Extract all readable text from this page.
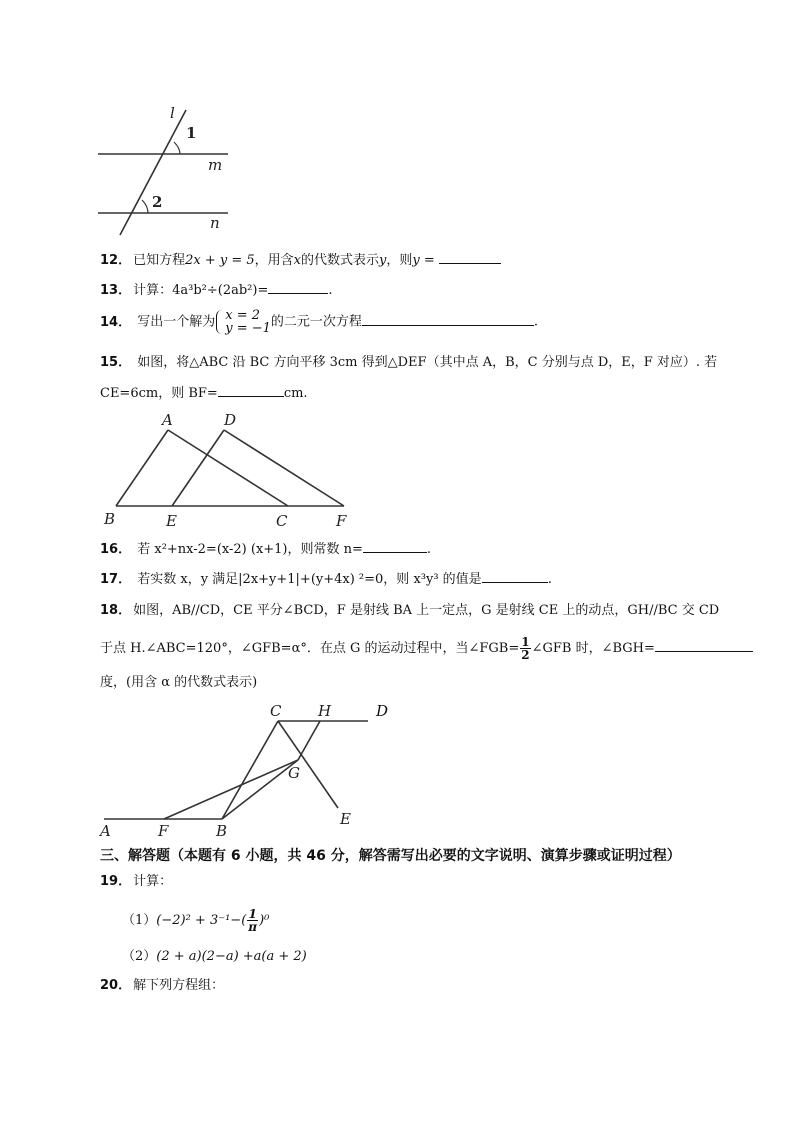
l
1
m
2
n
12． 已知方程2x + y = 5，用含x的代数式表示y，则y =
13． 计算：4a³b²÷(2ab²)=	.
14． 写出一个解为 x = 2
y = −1 的二元一次方程	.
15． 如图，将△ABC 沿 BC 方向平移 3cm 得到△DEF（其中点 A，B，C 分别与点 D，E，F 对应）. 若
CE=6cm，则 BF=	cm.
A	D
B	E	C	F
16． 若 x²+nx-2=(x-2) (x+1)，则常数 n=	.
17． 若实数 x，y 满足|2x+y+1|+(y+4x) ²=0，则 x³y³ 的值是	.
18． 如图，AB//CD，CE 平分∠BCD，F 是射线 BA 上一定点，G 是射线 CE 上的动点，GH//BC 交 CD
于点 H.∠ABC=120°，∠GFB=α°．在点 G 的运动过程中，当∠FGB= $\frac{1}{2}$ ∠GFB 时，∠BGH=
度，(用含 α 的代数式表示)
A	F	B
C H
G
E
D
三、解答题（本题有 6 小题，共 46 分，解答需写出必要的文字说明、演算步骤或证明过程）
19． 计算：
$(1)(-2)^2 + 3^{-1}-( \frac{1}{\pi} )^0$
（2）(2 + a)(2−a) +a(a + 2)
20． 解下列方程组：
